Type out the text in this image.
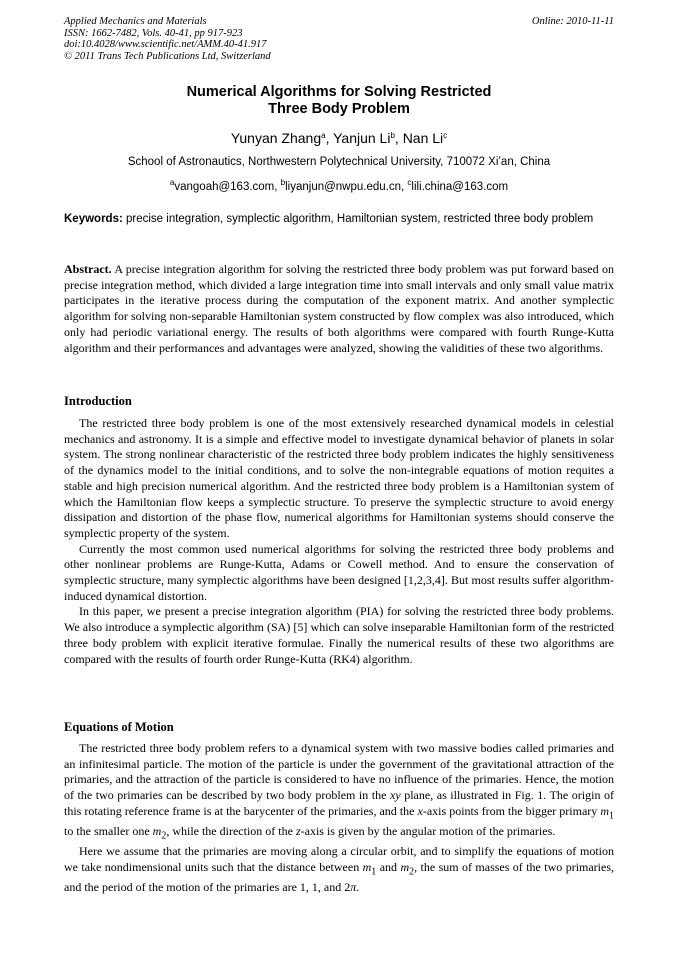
Applied Mechanics and Materials
ISSN: 1662-7482, Vols. 40-41, pp 917-923
doi:10.4028/www.scientific.net/AMM.40-41.917
© 2011 Trans Tech Publications Ltd, Switzerland
Online: 2010-11-11
Numerical Algorithms for Solving Restricted
Three Body Problem
Yunyan Zhang$^a$, Yanjun Li$^b$, Nan Li$^c$
School of Astronautics, Northwestern Polytechnical University, 710072 Xi’an, China
$^a$vangoah@163.com, $^b$liyanjun@nwpu.edu.cn, $^c$lili.china@163.com
Keywords: precise integration, symplectic algorithm, Hamiltonian system, restricted three body problem
Abstract. A precise integration algorithm for solving the restricted three body problem was put forward based on precise integration method, which divided a large integration time into small intervals and only small value matrix participates in the iterative process during the computation of the exponent matrix. And another symplectic algorithm for solving non-separable Hamiltonian system constructed by flow complex was also introduced, which only had periodic variational energy. The results of both algorithms were compared with fourth Runge-Kutta algorithm and their performances and advantages were analyzed, showing the validities of these two algorithms.
Introduction

The restricted three body problem is one of the most extensively researched dynamical models in celestial mechanics and astronomy. It is a simple and effective model to investigate dynamical behavior of planets in solar system. The strong nonlinear characteristic of the restricted three body problem indicates the highly sensitiveness of the dynamics model to the initial conditions, and to solve the non-integrable equations of motion requites a stable and high precision numerical algorithm. And the restricted three body problem is a Hamiltonian system of which the Hamiltonian flow keeps a symplectic structure. To preserve the symplectic structure to avoid energy dissipation and distortion of the phase flow, numerical algorithms for Hamiltonian systems should conserve the symplectic property of the system.

Currently the most common used numerical algorithms for solving the restricted three body problems and other nonlinear problems are Runge-Kutta, Adams or Cowell method. And to ensure the conservation of symplectic structure, many symplectic algorithms have been designed [1,2,3,4]. But most results suffer algorithm-induced dynamical distortion.

In this paper, we present a precise integration algorithm (PIA) for solving the restricted three body problems. We also introduce a symplectic algorithm (SA) [5] which can solve inseparable Hamiltonian form of the restricted three body problem with explicit iterative formulae. Finally the numerical results of these two algorithms are compared with the results of fourth order Runge-Kutta (RK4) algorithm.

Equations of Motion

The restricted three body problem refers to a dynamical system with two massive bodies called primaries and an infinitesimal particle. The motion of the particle is under the government of the gravitational attraction of the primaries, and the attraction of the particle is considered to have no influence of the primaries. Hence, the motion of the two primaries can be described by two body problem in the xy plane, as illustrated in Fig. 1. The origin of this rotating reference frame is at the barycenter of the primaries, and the x-axis points from the bigger primary $m_1$ to the smaller one $m_2$, while the direction of the z-axis is given by the angular motion of the primaries.

Here we assume that the primaries are moving along a circular orbit, and to simplify the equations of motion we take nondimensional units such that the distance between $m_1$ and $m_2$, the sum of masses of the two primaries, and the period of the motion of the primaries are 1, 1, and 2π.
